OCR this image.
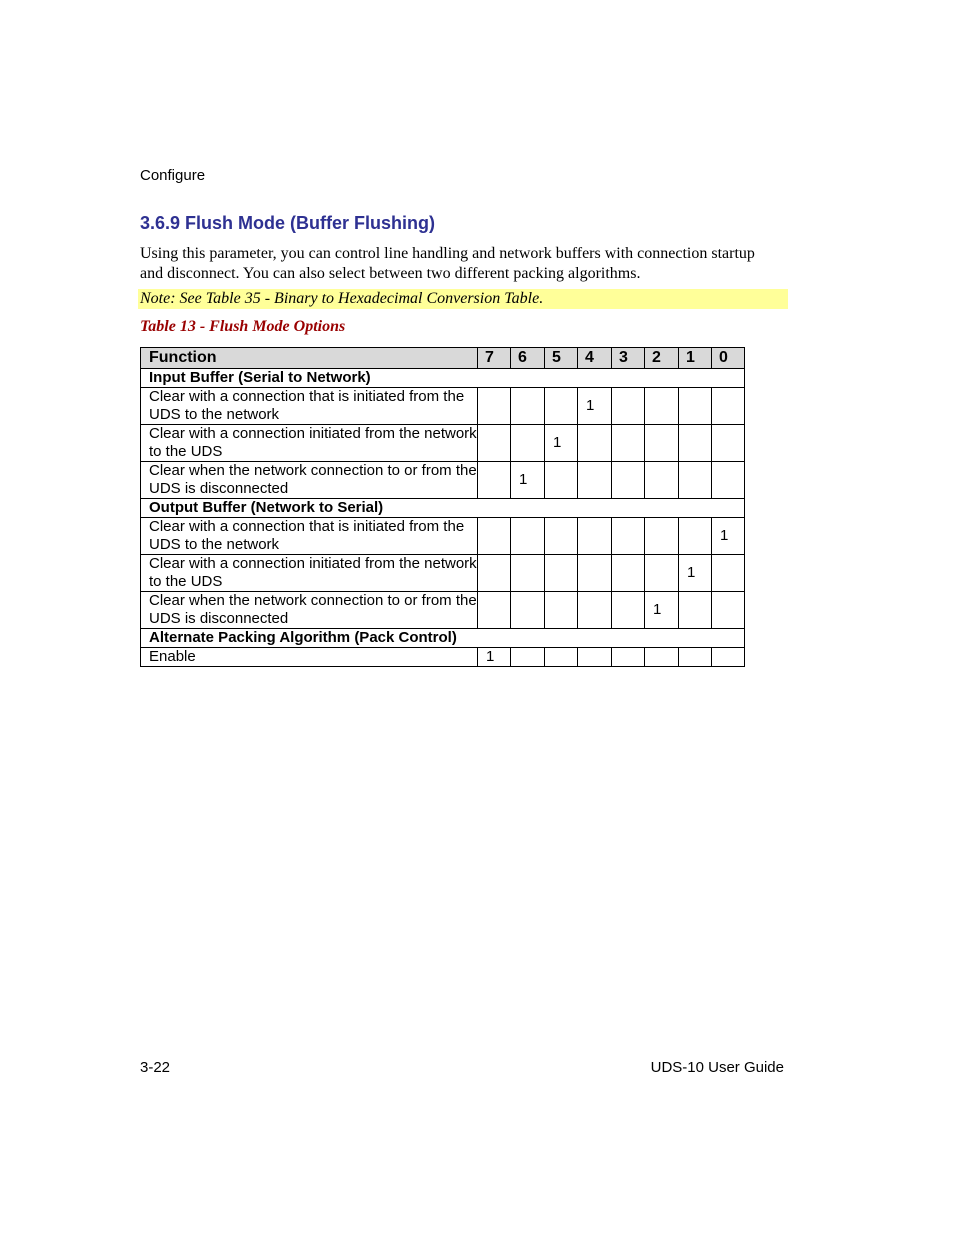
Configure
3.6.9 Flush Mode (Buffer Flushing)

Using this parameter, you can control line handling and network buffers with connection startup and disconnect. You can also select between two different packing algorithms.

Note: See Table 35 - Binary to Hexadecimal Conversion Table.
Table 13 - Flush Mode Options
Function	7	6	5	4	3	2	1	0
Input Buffer (Serial to Network)								
Clear with a connection that is initiated from the UDS to the network				1				
Clear with a connection initiated from the network to the UDS			1					
Clear when the network connection to or from the UDS is disconnected		1						
Output Buffer (Network to Serial)								
Clear with a connection that is initiated from the UDS to the network								1
Clear with a connection initiated from the network to the UDS							1	
Clear when the network connection to or from the UDS is disconnected						1		
Alternate Packing Algorithm (Pack Control)								
Enable	1							
3-22	UDS-10 User Guide
